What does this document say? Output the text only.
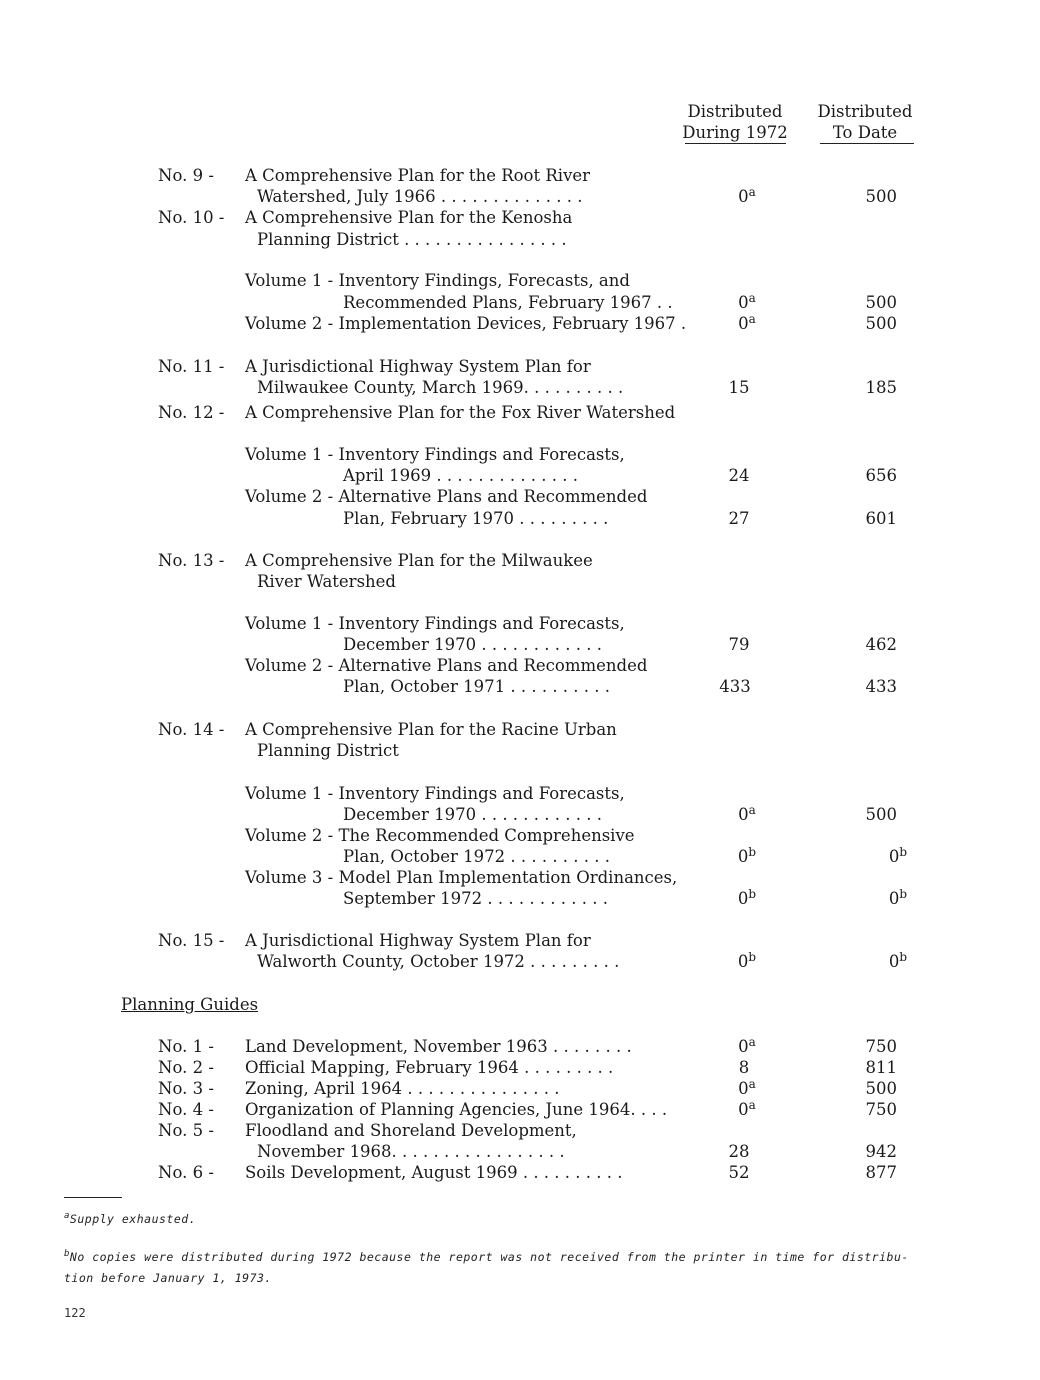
Distributed
During 1972
Distributed
To Date
No. 9 - A Comprehensive Plan for the Root River
Watershed, July 1966 . . . . . . . . . . . . . .	0$^a$	500
No. 10 - A Comprehensive Plan for the Kenosha
Planning District . . . . . . . . . . . . . . . .
Volume 1 - Inventory Findings, Forecasts, and
Recommended Plans, February 1967 . .	0$^a$	500
Volume 2 - Implementation Devices, February 1967 .	0$^a$	500
No. 11 - A Jurisdictional Highway System Plan for
Milwaukee County, March 1969. . . . . . . . . .	15	185
No. 12 - A Comprehensive Plan for the Fox River Watershed
Volume 1 - Inventory Findings and Forecasts,
April 1969 . . . . . . . . . . . . . .	24	656
Volume 2 - Alternative Plans and Recommended
Plan, February 1970 . . . . . . . . .	27	601
No. 13 - A Comprehensive Plan for the Milwaukee
River Watershed
Volume 1 - Inventory Findings and Forecasts,
December 1970 . . . . . . . . . . . .	79	462
Volume 2 - Alternative Plans and Recommended
Plan, October 1971 . . . . . . . . . .	433	433
No. 14 - A Comprehensive Plan for the Racine Urban
Planning District
Volume 1 - Inventory Findings and Forecasts,
December 1970 . . . . . . . . . . . .	0$^a$	500
Volume 2 - The Recommended Comprehensive
Plan, October 1972 . . . . . . . . . .	0$^b$	0$^b$
Volume 3 - Model Plan Implementation Ordinances,
September 1972 . . . . . . . . . . . .	0$^b$	0$^b$
No. 15 - A Jurisdictional Highway System Plan for
Walworth County, October 1972 . . . . . . . . .	0$^b$	0$^b$
Planning Guides
No. 1 - Land Development, November 1963 . . . . . . . .	0$^a$	750
No. 2 - Official Mapping, February 1964 . . . . . . . . .	8	811
No. 3 - Zoning, April 1964 . . . . . . . . . . . . . . .	0$^a$	500
No. 4 - Organization of Planning Agencies, June 1964. . . .	0$^a$	750
No. 5 - Floodland and Shoreland Development,
November 1968. . . . . . . . . . . . . . . . .	28	942
No. 6 - Soils Development, August 1969 . . . . . . . . . .	52	877
$^a$Supply exhausted.
$^b$No copies were distributed during 1972 because the report was not received from the printer in time for distribu-
tion before January 1, 1973.
122
